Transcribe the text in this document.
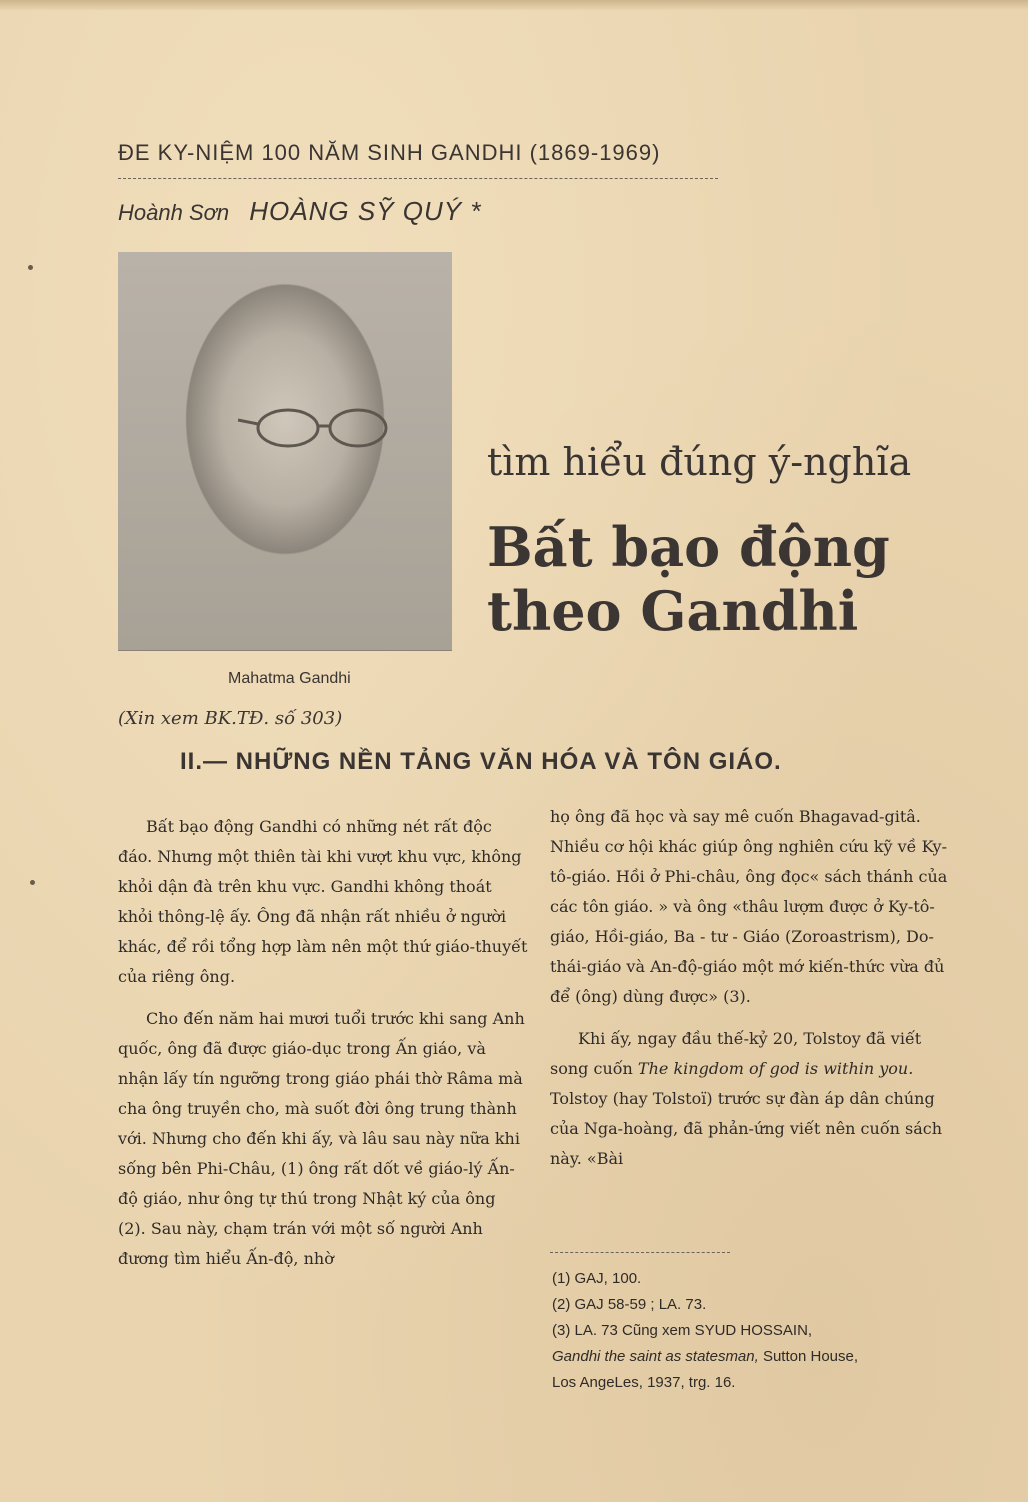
ĐE KY-NIỆM 100 NĂM SINH GANDHI (1869-1969)
Hoành Sơn HOÀNG SỸ QUÝ *
Mahatma Gandhi
tìm hiểu đúng ý-nghĩa
Bất bạo động
theo Gandhi
(Xin xem BK.TĐ. số 303)
II.— NHỮNG NỀN TẢNG VĂN HÓA VÀ TÔN GIÁO.

Bất bạo động Gandhi có những nét rất độc đáo. Nhưng một thiên tài khi vượt khu vực, không khỏi dận đà trên khu vực. Gandhi không thoát khỏi thông-lệ ấy. Ông đã nhận rất nhiều ở người khác, để rồi tổng hợp làm nên một thứ giáo-thuyết của riêng ông.

Cho đến năm hai mươi tuổi trước khi sang Anh quốc, ông đã được giáo-dục trong Ấn giáo, và nhận lấy tín ngưỡng trong giáo phái thờ Râma mà cha ông truyền cho, mà suốt đời ông trung thành với. Nhưng cho đến khi ấy, và lâu sau này nữa khi sống bên Phi-Châu, (1) ông rất dốt về giáo-lý Ấn-độ giáo, như ông tự thú trong Nhật ký của ông (2). Sau này, chạm trán với một số người Anh đương tìm hiểu Ấn-độ, nhờ

họ ông đã học và say mê cuốn Bhagavad-gitâ. Nhiều cơ hội khác giúp ông nghiên cứu kỹ về Ky-tô-giáo. Hồi ở Phi-châu, ông đọc« sách thánh của các tôn giáo. » và ông «thâu lượm được ở Ky-tô-giáo, Hồi-giáo, Ba - tư - Giáo (Zoroastrism), Do-thái-giáo và An-độ-giáo một mớ kiến-thức vừa đủ để (ông) dùng được» (3).

Khi ấy, ngay đầu thế-kỷ 20, Tolstoy đã viết song cuốn The kingdom of god is within you. Tolstoy (hay Tolstoï) trước sự đàn áp dân chúng của Nga-hoàng, đã phản-ứng viết nên cuốn sách này. «Bài

(1) GAJ, 100.
(2) GAJ 58-59 ; LA. 73.
(3) LA. 73 Cũng xem SYUD HOSSAIN,
Gandhi the saint as statesman, Sutton House,
Los AngeLes, 1937, trg. 16.
